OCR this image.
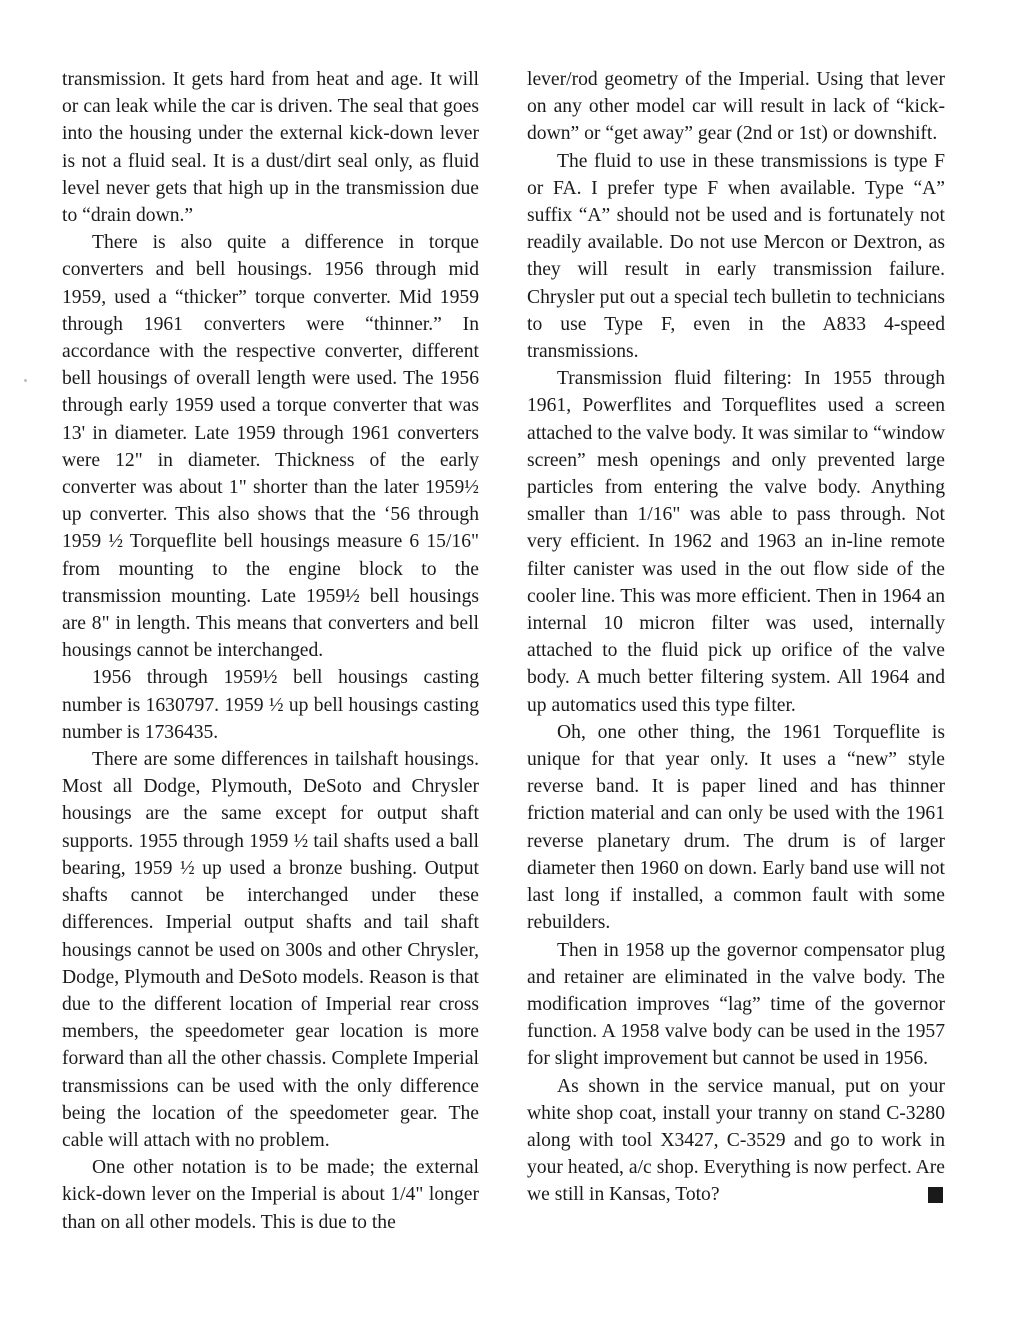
transmission. It gets hard from heat and age. It will or can leak while the car is driven. The seal that goes into the housing under the external kick-down lever is not a fluid seal. It is a dust/dirt seal only, as fluid level never gets that high up in the transmission due to “drain down.”

There is also quite a difference in torque converters and bell housings. 1956 through mid 1959, used a “thicker” torque converter. Mid 1959 through 1961 converters were “thinner.” In accordance with the respective converter, different bell housings of overall length were used. The 1956 through early 1959 used a torque converter that was 13' in diameter. Late 1959 through 1961 converters were 12" in diameter. Thickness of the early converter was about 1" shorter than the later 1959½ up converter. This also shows that the ‘56 through 1959 ½ Torqueflite bell housings measure 6 15/16" from mounting to the engine block to the transmission mounting. Late 1959½ bell housings are 8" in length. This means that converters and bell housings cannot be interchanged.

1956 through 1959½ bell housings casting number is 1630797. 1959 ½ up bell housings casting number is 1736435.

There are some differences in tailshaft housings. Most all Dodge, Plymouth, DeSoto and Chrysler housings are the same except for output shaft supports. 1955 through 1959 ½ tail shafts used a ball bearing, 1959 ½ up used a bronze bushing. Output shafts cannot be interchanged under these differences. Imperial output shafts and tail shaft housings cannot be used on 300s and other Chrysler, Dodge, Plymouth and DeSoto models. Reason is that due to the different location of Imperial rear cross members, the speedometer gear location is more forward than all the other chassis. Complete Imperial transmissions can be used with the only difference being the location of the speedometer gear. The cable will attach with no problem.

One other notation is to be made; the external kick-down lever on the Imperial is about 1/4" longer than on all other models. This is due to the

lever/rod geometry of the Imperial. Using that lever on any other model car will result in lack of “kick-down” or “get away” gear (2nd or 1st) or downshift.

The fluid to use in these transmissions is type F or FA. I prefer type F when available. Type “A” suffix “A” should not be used and is fortunately not readily available. Do not use Mercon or Dextron, as they will result in early transmission failure. Chrysler put out a special tech bulletin to technicians to use Type F, even in the A833 4-speed transmissions.

Transmission fluid filtering: In 1955 through 1961, Powerflites and Torqueflites used a screen attached to the valve body. It was similar to “window screen” mesh openings and only prevented large particles from entering the valve body. Anything smaller than 1/16" was able to pass through. Not very efficient. In 1962 and 1963 an in-line remote filter canister was used in the out flow side of the cooler line. This was more efficient. Then in 1964 an internal 10 micron filter was used, internally attached to the fluid pick up orifice of the valve body. A much better filtering system. All 1964 and up automatics used this type filter.

Oh, one other thing, the 1961 Torqueflite is unique for that year only. It uses a “new” style reverse band. It is paper lined and has thinner friction material and can only be used with the 1961 reverse planetary drum. The drum is of larger diameter then 1960 on down. Early band use will not last long if installed, a common fault with some rebuilders.

Then in 1958 up the governor compensator plug and retainer are eliminated in the valve body. The modification improves “lag” time of the governor function. A 1958 valve body can be used in the 1957 for slight improvement but cannot be used in 1956.

As shown in the service manual, put on your white shop coat, install your tranny on stand C-3280 along with tool X3427, C-3529 and go to work in your heated, a/c shop. Everything is now perfect. Are we still in Kansas, Toto?
